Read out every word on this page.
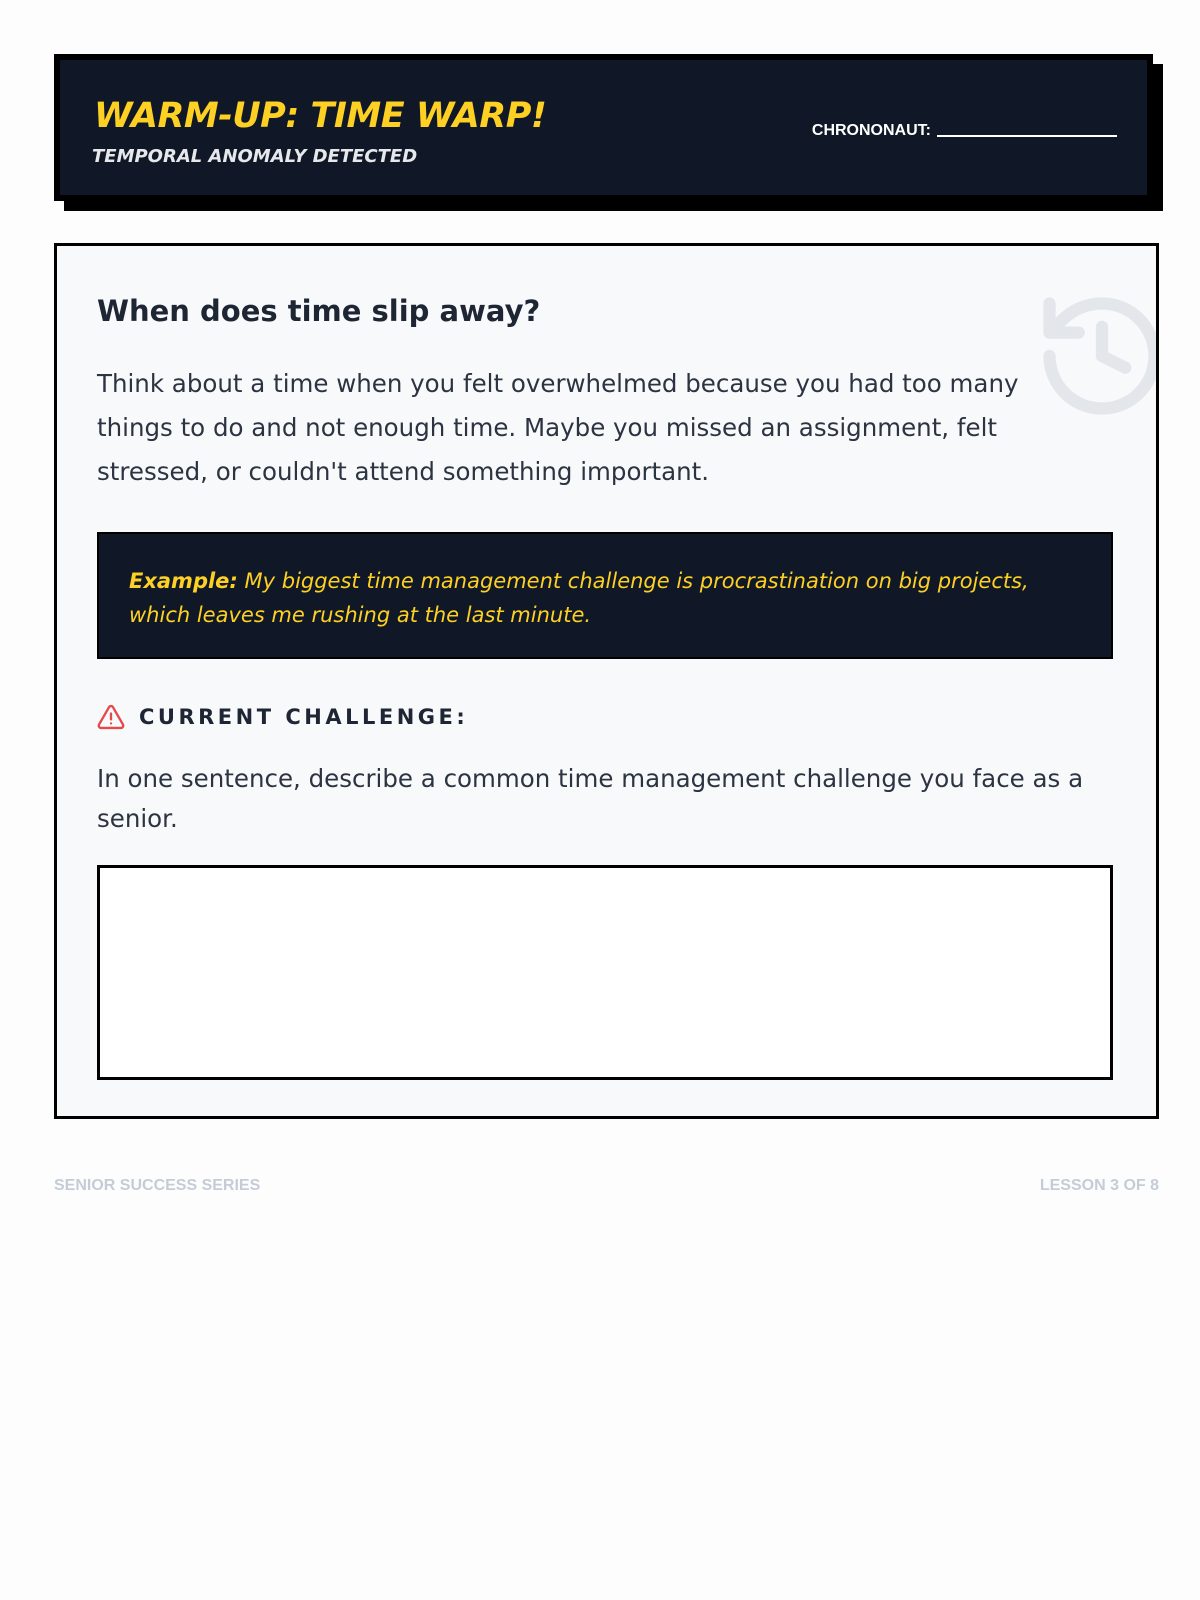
WARM-UP: TIME WARP!

TEMPORAL ANOMALY DETECTED

CHRONONAUT:
When does time slip away?

Think about a time when you felt overwhelmed because you had too many things to do and not enough time. Maybe you missed an assignment, felt stressed, or couldn't attend something important.

Example: My biggest time management challenge is procrastination on big projects, which leaves me rushing at the last minute.
CURRENT CHALLENGE:

In one sentence, describe a common time management challenge you face as a senior.

SENIOR SUCCESS SERIES	LESSON 3 OF 8
